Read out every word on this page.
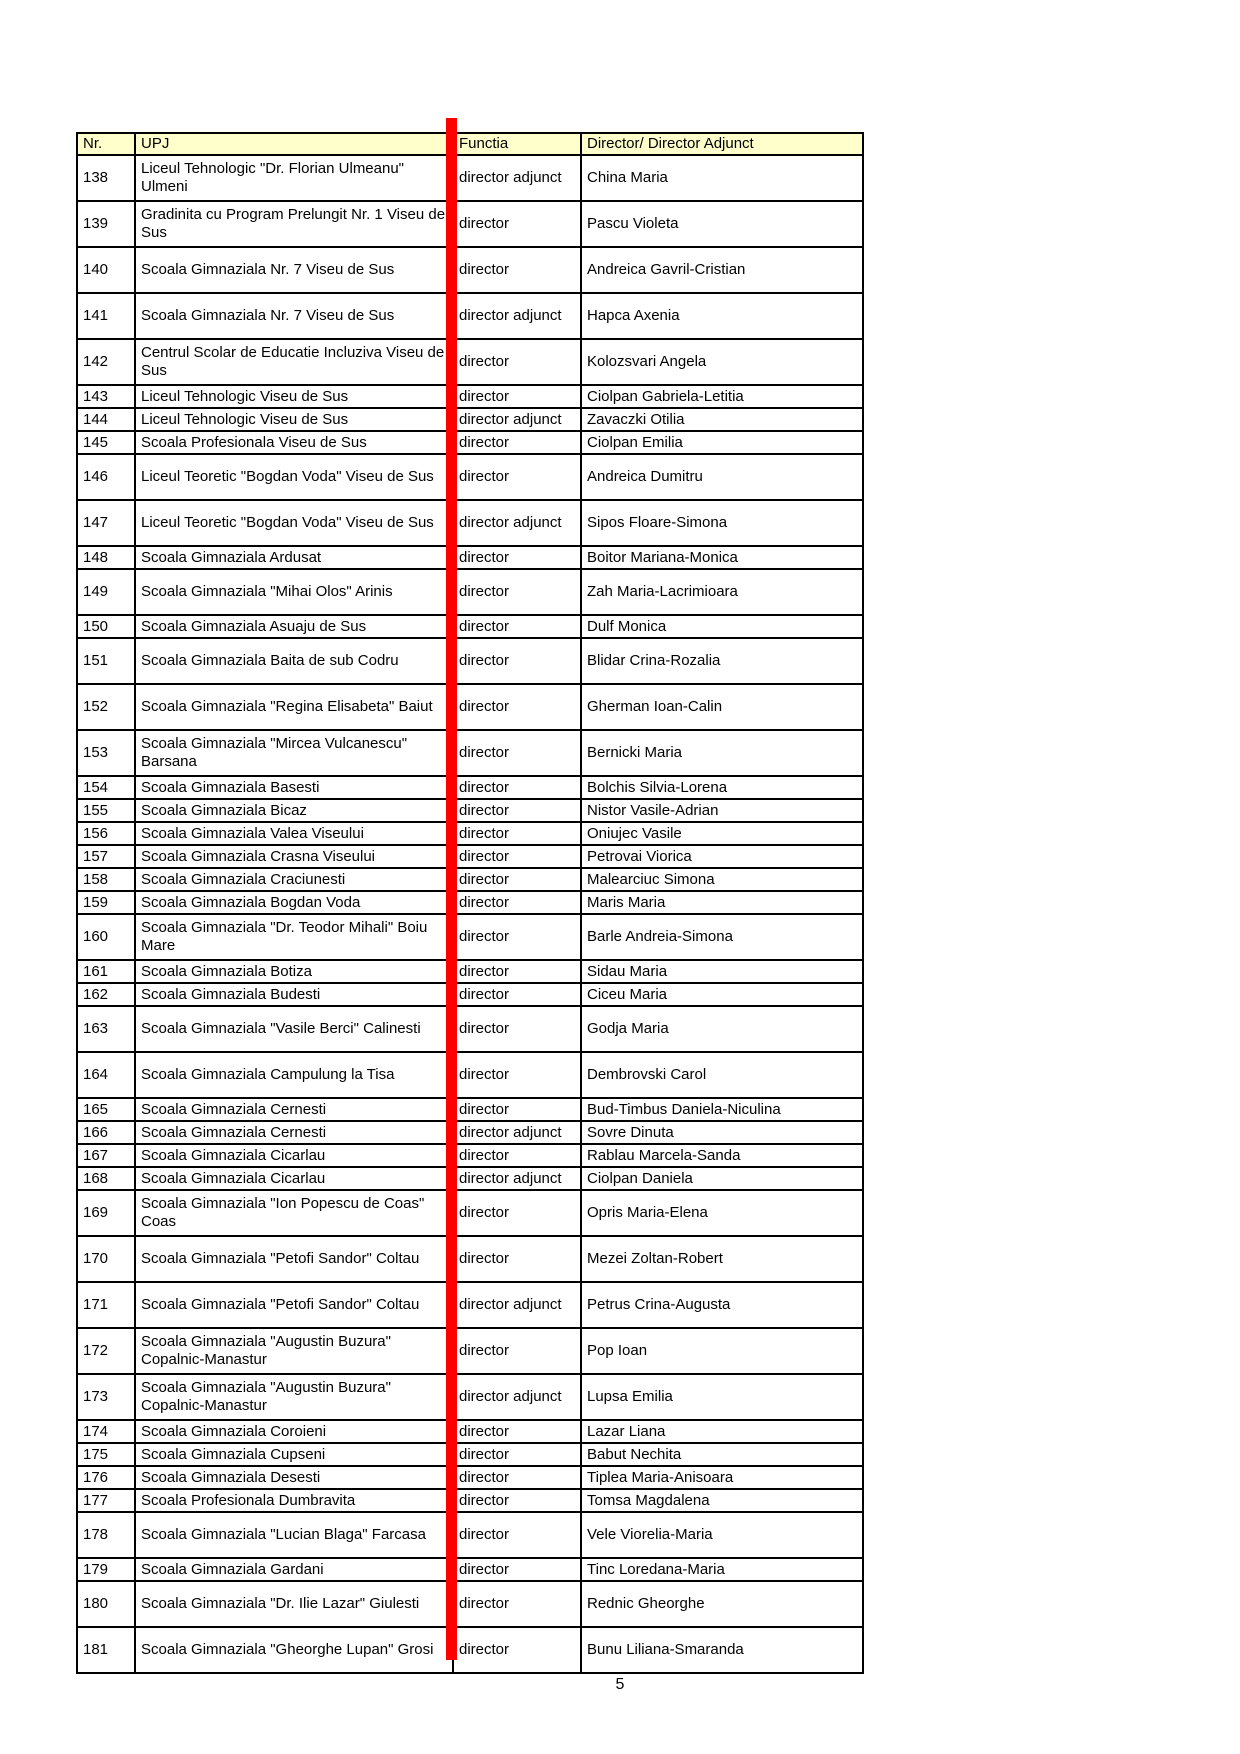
Nr.	UPJ	Functia	Director/ Director Adjunct
138	Liceul Tehnologic "Dr. Florian Ulmeanu" Ulmeni	director adjunct	China Maria
139	Gradinita cu Program Prelungit Nr. 1 Viseu de Sus	director	Pascu Violeta
140	Scoala Gimnaziala Nr. 7 Viseu de Sus	director	Andreica Gavril-Cristian
141	Scoala Gimnaziala Nr. 7 Viseu de Sus	director adjunct	Hapca Axenia
142	Centrul Scolar de Educatie Incluziva Viseu de Sus	director	Kolozsvari Angela
143	Liceul Tehnologic Viseu de Sus	director	Ciolpan Gabriela-Letitia
144	Liceul Tehnologic Viseu de Sus	director adjunct	Zavaczki Otilia
145	Scoala Profesionala Viseu de Sus	director	Ciolpan Emilia
146	Liceul Teoretic "Bogdan Voda" Viseu de Sus	director	Andreica Dumitru
147	Liceul Teoretic "Bogdan Voda" Viseu de Sus	director adjunct	Sipos Floare-Simona
148	Scoala Gimnaziala Ardusat	director	Boitor Mariana-Monica
149	Scoala Gimnaziala "Mihai Olos" Arinis	director	Zah Maria-Lacrimioara
150	Scoala Gimnaziala Asuaju de Sus	director	Dulf Monica
151	Scoala Gimnaziala Baita de sub Codru	director	Blidar Crina-Rozalia
152	Scoala Gimnaziala "Regina Elisabeta" Baiut	director	Gherman Ioan-Calin
153	Scoala Gimnaziala "Mircea Vulcanescu" Barsana	director	Bernicki Maria
154	Scoala Gimnaziala Basesti	director	Bolchis Silvia-Lorena
155	Scoala Gimnaziala Bicaz	director	Nistor Vasile-Adrian
156	Scoala Gimnaziala Valea Viseului	director	Oniujec Vasile
157	Scoala Gimnaziala Crasna Viseului	director	Petrovai Viorica
158	Scoala Gimnaziala Craciunesti	director	Malearciuc Simona
159	Scoala Gimnaziala Bogdan Voda	director	Maris Maria
160	Scoala Gimnaziala "Dr. Teodor Mihali" Boiu Mare	director	Barle Andreia-Simona
161	Scoala Gimnaziala Botiza	director	Sidau Maria
162	Scoala Gimnaziala Budesti	director	Ciceu Maria
163	Scoala Gimnaziala "Vasile Berci" Calinesti	director	Godja Maria
164	Scoala Gimnaziala Campulung la Tisa	director	Dembrovski Carol
165	Scoala Gimnaziala Cernesti	director	Bud-Timbus Daniela-Niculina
166	Scoala Gimnaziala Cernesti	director adjunct	Sovre Dinuta
167	Scoala Gimnaziala Cicarlau	director	Rablau Marcela-Sanda
168	Scoala Gimnaziala Cicarlau	director adjunct	Ciolpan Daniela
169	Scoala Gimnaziala "Ion Popescu de Coas" Coas	director	Opris Maria-Elena
170	Scoala Gimnaziala "Petofi Sandor" Coltau	director	Mezei Zoltan-Robert
171	Scoala Gimnaziala "Petofi Sandor" Coltau	director adjunct	Petrus Crina-Augusta
172	Scoala Gimnaziala "Augustin Buzura" Copalnic-Manastur	director	Pop Ioan
173	Scoala Gimnaziala "Augustin Buzura" Copalnic-Manastur	director adjunct	Lupsa Emilia
174	Scoala Gimnaziala Coroieni	director	Lazar Liana
175	Scoala Gimnaziala Cupseni	director	Babut Nechita
176	Scoala Gimnaziala Desesti	director	Tiplea Maria-Anisoara
177	Scoala Profesionala Dumbravita	director	Tomsa Magdalena
178	Scoala Gimnaziala "Lucian Blaga" Farcasa	director	Vele Viorelia-Maria
179	Scoala Gimnaziala Gardani	director	Tinc Loredana-Maria
180	Scoala Gimnaziala "Dr. Ilie Lazar" Giulesti	director	Rednic Gheorghe
181	Scoala Gimnaziala "Gheorghe Lupan" Grosi	director	Bunu Liliana-Smaranda
5
